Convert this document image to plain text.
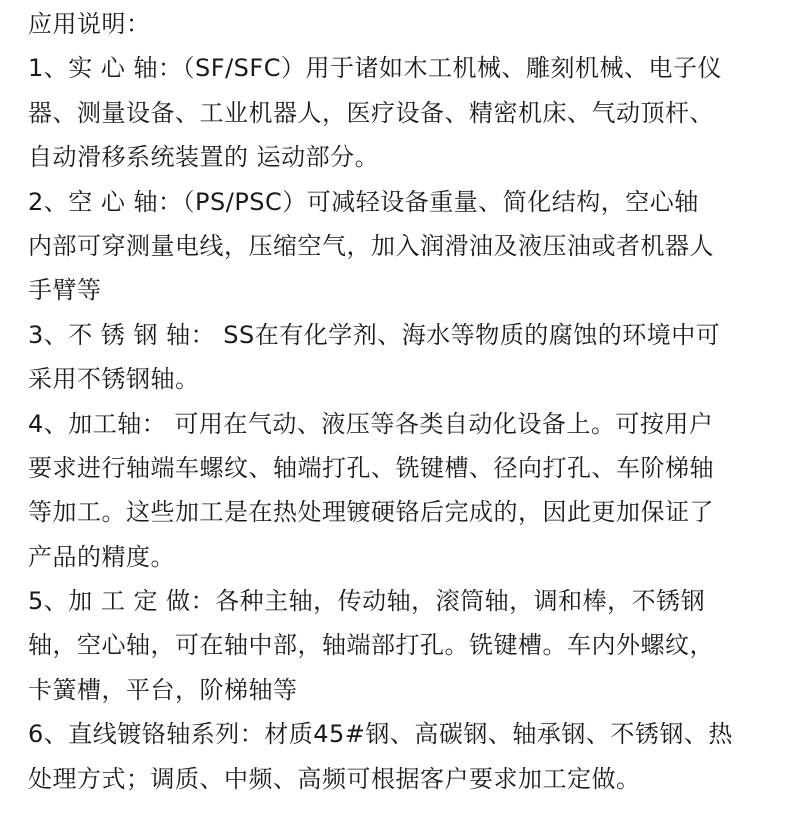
应用说明：
1、实 心 轴：（SF/SFC）用于诸如木工机械、雕刻机械、电子仪
器、测量设备、工业机器人，医疗设备、精密机床、气动顶杆、
自动滑移系统装置的 运动部分。
2、空 心 轴：（PS/PSC）可减轻设备重量、简化结构，空心轴
内部可穿测量电线，压缩空气，加入润滑油及液压油或者机器人
手臂等
3、不 锈 钢 轴： SS在有化学剂、海水等物质的腐蚀的环境中可
采用不锈钢轴。
4、加工轴： 可用在气动、液压等各类自动化设备上。可按用户
要求进行轴端车螺纹、轴端打孔、铣键槽、径向打孔、车阶梯轴
等加工。这些加工是在热处理镀硬铬后完成的，因此更加保证了
产品的精度。
5、加 工 定 做：各种主轴，传动轴，滚筒轴，调和棒，不锈钢
轴，空心轴，可在轴中部，轴端部打孔。铣键槽。车内外螺纹，
卡簧槽，平台，阶梯轴等
6、直线镀铬轴系列：材质45#钢、高碳钢、轴承钢、不锈钢、热
处理方式；调质、中频、高频可根据客户要求加工定做。
